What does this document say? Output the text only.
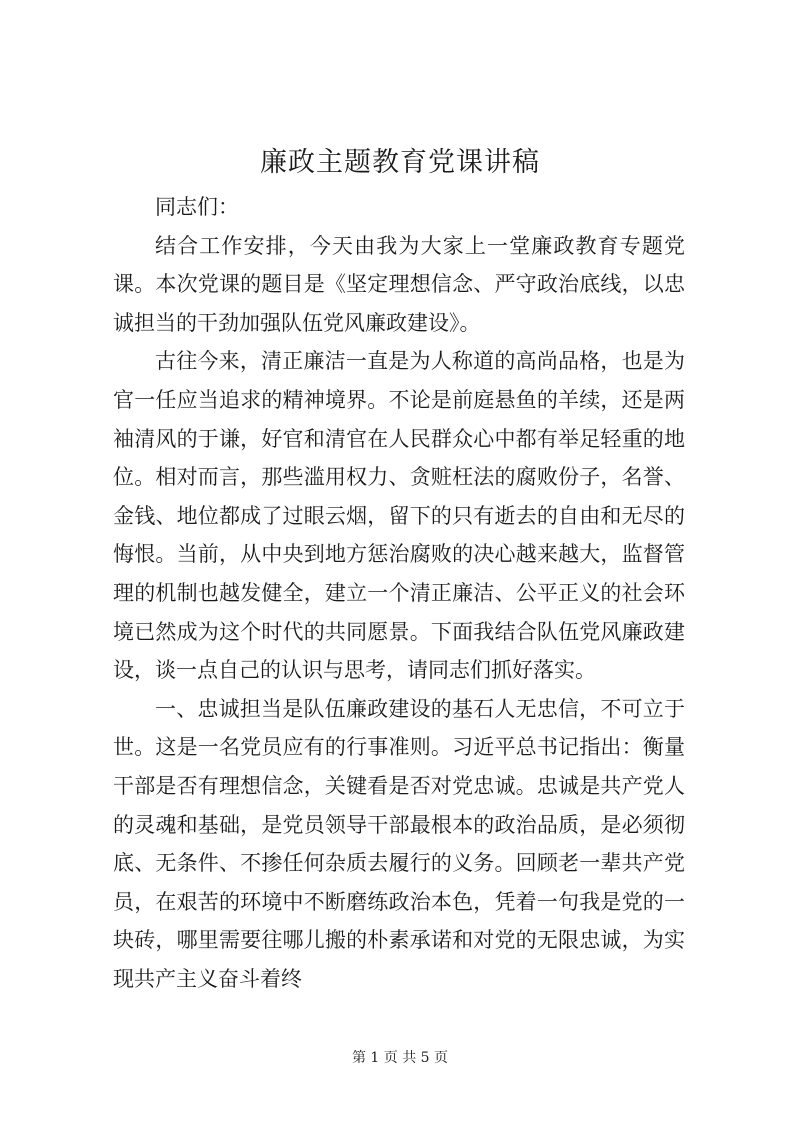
廉政主题教育党课讲稿

同志们：

结合工作安排，今天由我为大家上一堂廉政教育专题党课。本次党课的题目是《坚定理想信念、严守政治底线，以忠诚担当的干劲加强队伍党风廉政建设》。

古往今来，清正廉洁一直是为人称道的高尚品格，也是为官一任应当追求的精神境界。不论是前庭悬鱼的羊续，还是两袖清风的于谦，好官和清官在人民群众心中都有举足轻重的地位。相对而言，那些滥用权力、贪赃枉法的腐败份子，名誉、金钱、地位都成了过眼云烟，留下的只有逝去的自由和无尽的悔恨。当前，从中央到地方惩治腐败的决心越来越大，监督管理的机制也越发健全，建立一个清正廉洁、公平正义的社会环境已然成为这个时代的共同愿景。下面我结合队伍党风廉政建设，谈一点自己的认识与思考，请同志们抓好落实。

一、忠诚担当是队伍廉政建设的基石人无忠信，不可立于世。这是一名党员应有的行事准则。习近平总书记指出：衡量干部是否有理想信念，关键看是否对党忠诚。忠诚是共产党人的灵魂和基础，是党员领导干部最根本的政治品质，是必须彻底、无条件、不掺任何杂质去履行的义务。回顾老一辈共产党员，在艰苦的环境中不断磨练政治本色，凭着一句我是党的一块砖，哪里需要往哪儿搬的朴素承诺和对党的无限忠诚，为实现共产主义奋斗着终

第 1 页 共 5 页
